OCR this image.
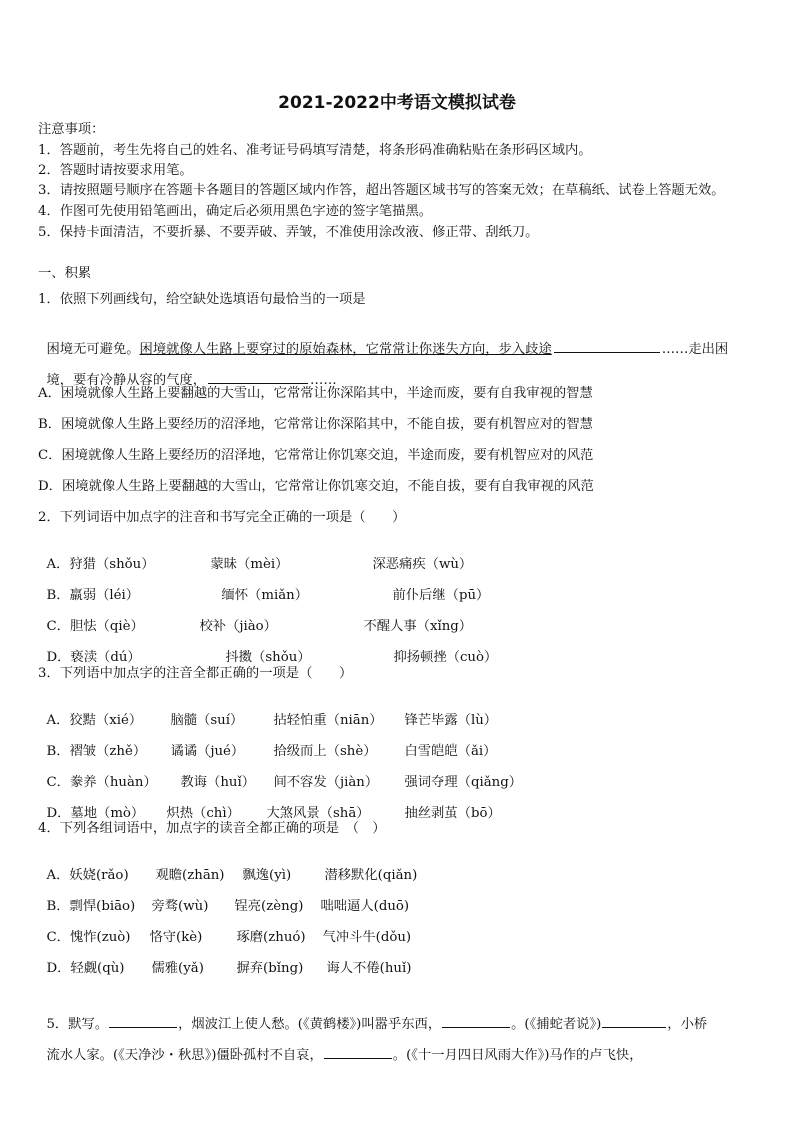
2021-2022中考语文模拟试卷
注意事项：
1．答题前，考生先将自己的姓名、准考证号码填写清楚，将条形码准确粘贴在条形码区域内。
2．答题时请按要求用笔。
3．请按照题号顺序在答题卡各题目的答题区域内作答，超出答题区域书写的答案无效；在草稿纸、试卷上答题无效。
4．作图可先使用铅笔画出，确定后必须用黑色字迹的签字笔描黑。
5．保持卡面清洁，不要折暴、不要弄破、弄皱，不准使用涂改液、修正带、刮纸刀。
一、积累
1．依照下列画线句，给空缺处选填语句最恰当的一项是

困境无可避免。困境就像人生路上要穿过的原始森林，它常常让你迷失方向，步入歧途	……走出困

境，要有冷静从容的气度，	……

A．困境就像人生路上要翻越的大雪山，它常常让你深陷其中，半途而废，要有自我审视的智慧
B．困境就像人生路上要经历的沼泽地，它常常让你深陷其中，不能自拔，要有机智应对的智慧
C．困境就像人生路上要经历的沼泽地，它常常让你饥寒交迫，半途而废，要有机智应对的风范
D．困境就像人生路上要翻越的大雪山，它常常让你饥寒交迫，不能自拔，要有自我审视的风范
2．下列词语中加点字的注音和书写完全正确的一项是（　　）

A．狩猎（shǒu）	蒙昧（mèi）	深恶痛疾（wù）

B．羸弱（léi）	缅怀（miǎn）	前仆后继（pū）

C．胆怯（qiè）	校补（jiào）	不醒人事（xǐng）

D．亵渎（dú）	抖擞（shǒu）	抑扬顿挫（cuò）

3．下列语中加点字的注音全都正确的一项是（　　）

A．狡黠（xié） 脑髓（suí） 拈轻怕重（niān） 锋芒毕露（lù）

B．褶皱（zhě） 谲谲（jué） 拾级而上（shè） 白雪皑皑（ǎi）

C．豢养（huàn） 教诲（huǐ） 间不容发（jiàn） 强词夺理（qiǎng）

D．墓地（mò） 炽热（chì） 大煞风景（shā）	抽丝剥茧（bō）

4．下列各组词语中，加点字的读音全都正确的项是　（　）

A．妖娆(rǎo) 观瞻(zhān) 飘逸(yì)	潜移默化(qiǎn)

B．剽悍(biāo) 旁骛(wù) 锃亮(zèng) 咄咄逼人(duō)

C．愧怍(zuò) 恪守(kè)	琢磨(zhuó) 气冲斗牛(dǒu)

D．轻觑(qù) 儒雅(yǎ) 摒弃(bǐng) 诲人不倦(huǐ)

5．默写。	，烟波江上使人愁。(《黄鹤楼》)叫嚣乎东西，	。(《捕蛇者说》)	，小桥

流水人家。(《天净沙・秋思》)僵卧孤村不自哀，	。(《十一月四日风雨大作》)马作的卢飞快，
